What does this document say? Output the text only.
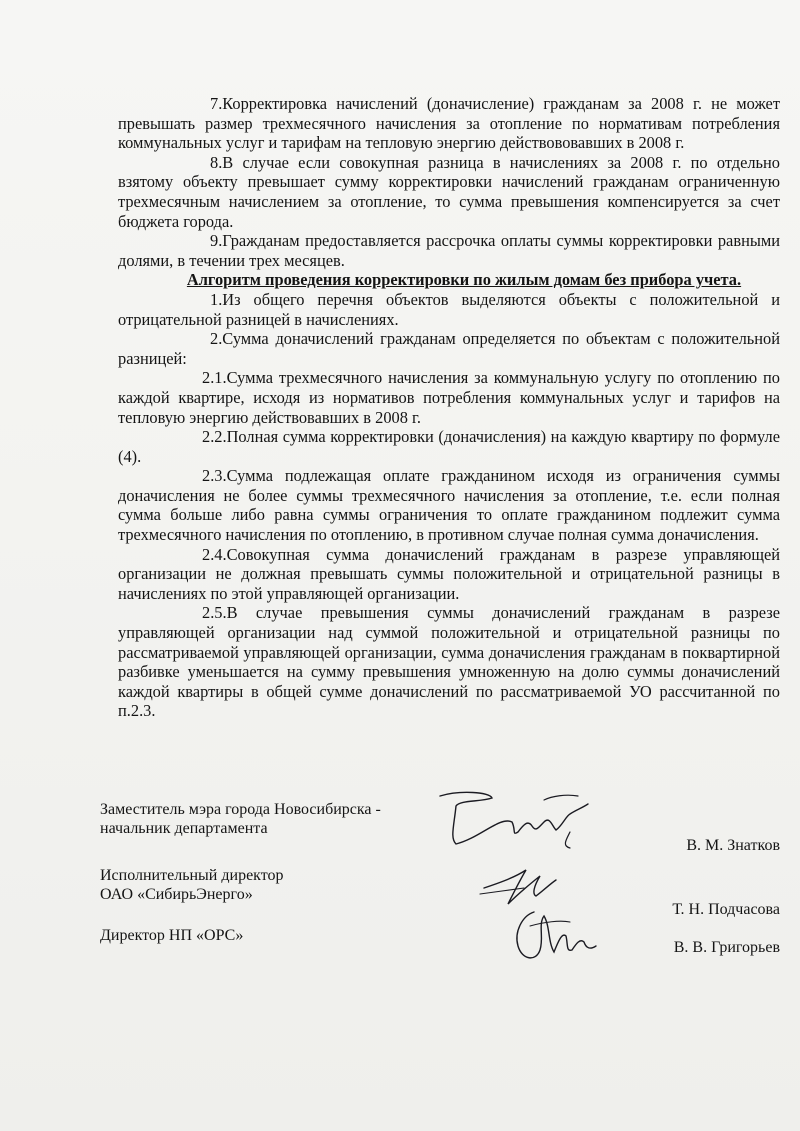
7.Корректировка начислений (доначисление) гражданам за 2008 г. не может превышать размер трехмесячного начисления за отопление по нормативам потребления коммунальных услуг и тарифам на тепловую энергию действововавших в 2008 г.

8.В случае если совокупная разница в начислениях за 2008 г. по отдельно взятому объекту превышает сумму корректировки начислений гражданам ограниченную трехмесячным начислением за отопление, то сумма превышения компенсируется за счет бюджета города.

9.Гражданам предоставляется рассрочка оплаты суммы корректировки равными долями, в течении трех месяцев.

Алгоритм проведения корректировки по жилым домам без прибора учета.

1.Из общего перечня объектов выделяются объекты с положительной и отрицательной разницей в начислениях.

2.Сумма доначислений гражданам определяется по объектам с положительной разницей:

2.1.Сумма трехмесячного начисления за коммунальную услугу по отоплению по каждой квартире, исходя из нормативов потребления коммунальных услуг и тарифов на тепловую энергию действовавших в 2008 г.

2.2.Полная сумма корректировки (доначисления) на каждую квартиру по формуле (4).

2.3.Сумма подлежащая оплате гражданином исходя из ограничения суммы доначисления не более суммы трехмесячного начисления за отопление, т.е. если полная сумма больше либо равна суммы ограничения то оплате гражданином подлежит сумма трехмесячного начисления по отоплению, в противном случае полная сумма доначисления.

2.4.Совокупная сумма доначислений гражданам в разрезе управляющей организации не должная превышать суммы положительной и отрицательной разницы в начислениях по этой управляющей организации.

2.5.В случае превышения суммы доначислений гражданам в разрезе управляющей организации над суммой положительной и отрицательной разницы по рассматриваемой управляющей организации, сумма доначисления гражданам в поквартирной разбивке уменьшается на сумму превышения умноженную на долю суммы доначислений каждой квартиры в общей сумме доначислений по рассматриваемой УО рассчитанной по п.2.3.

Заместитель мэра города Новосибирска -
начальник департамента
В. М. Знатков
Исполнительный директор
ОАО «СибирьЭнерго»
Т. Н. Подчасова
Директор НП «ОРС»
В. В. Григорьев
